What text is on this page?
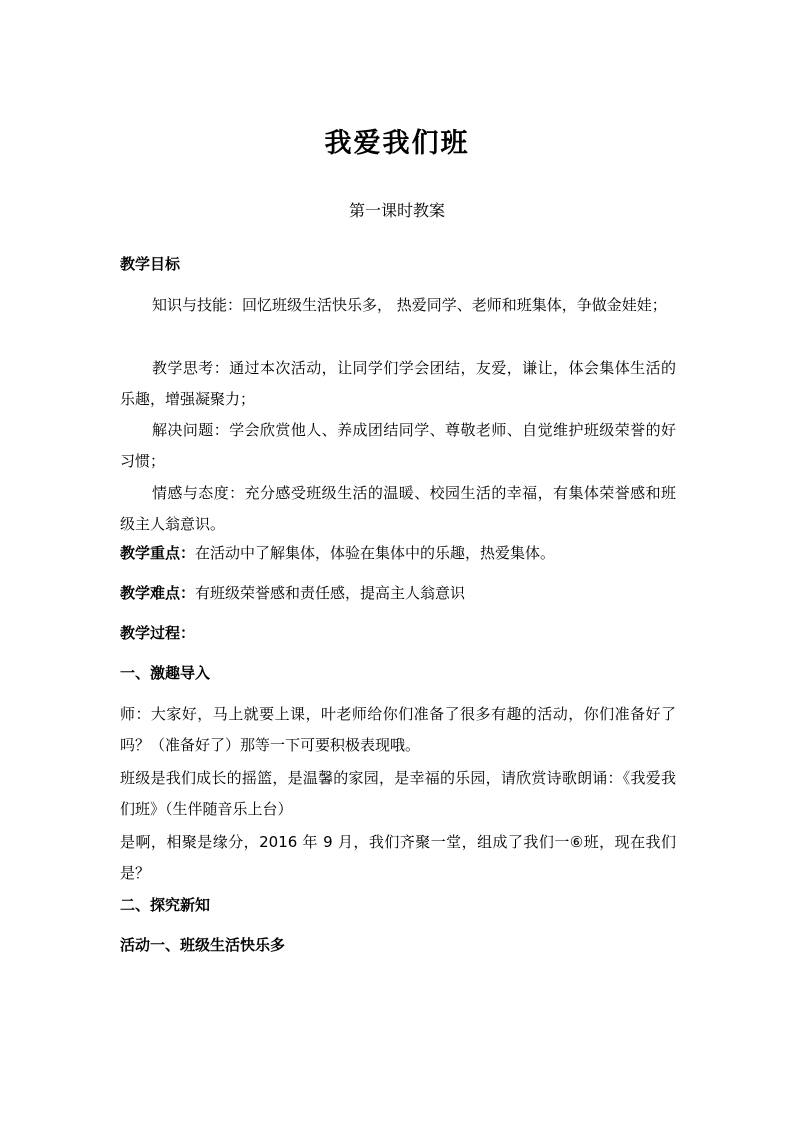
我爱我们班
第一课时教案

教学目标

知识与技能：回忆班级生活快乐多， 热爱同学、老师和班集体，争做金娃娃；

教学思考：通过本次活动，让同学们学会团结，友爱，谦让，体会集体生活的乐趣，增强凝聚力；

解决问题：学会欣赏他人、养成团结同学、尊敬老师、自觉维护班级荣誉的好习惯；

情感与态度：充分感受班级生活的温暖、校园生活的幸福，有集体荣誉感和班级主人翁意识。

教学重点：在活动中了解集体，体验在集体中的乐趣，热爱集体。

教学难点：有班级荣誉感和责任感，提高主人翁意识

教学过程：

一、激趣导入

师：大家好，马上就要上课，叶老师给你们准备了很多有趣的活动，你们准备好了吗？（准备好了）那等一下可要积极表现哦。

班级是我们成长的摇篮，是温馨的家园，是幸福的乐园，请欣赏诗歌朗诵：《我爱我们班》（生伴随音乐上台）

是啊，相聚是缘分，2016 年 9 月，我们齐聚一堂，组成了我们一⑥班，现在我们是？

二、探究新知

活动一、班级生活快乐多
